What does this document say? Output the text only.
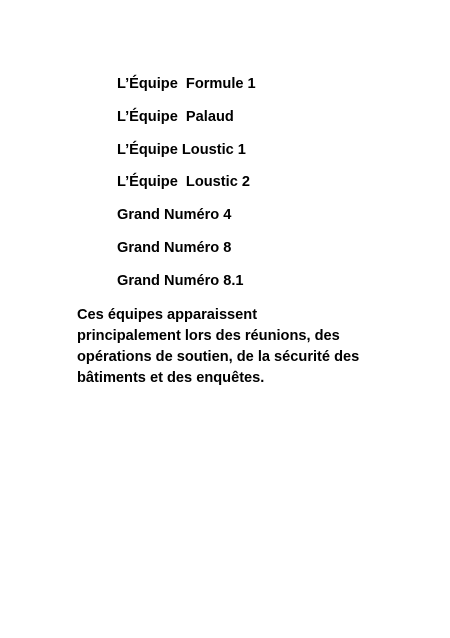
L’Équipe  Formule 1
L’Équipe  Palaud
L’Équipe Loustic 1
L’Équipe  Loustic 2
Grand Numéro 4
Grand Numéro 8
Grand Numéro 8.1

Ces équipes apparaissent
principalement lors des réunions, des
opérations de soutien, de la sécurité des
bâtiments et des enquêtes.
